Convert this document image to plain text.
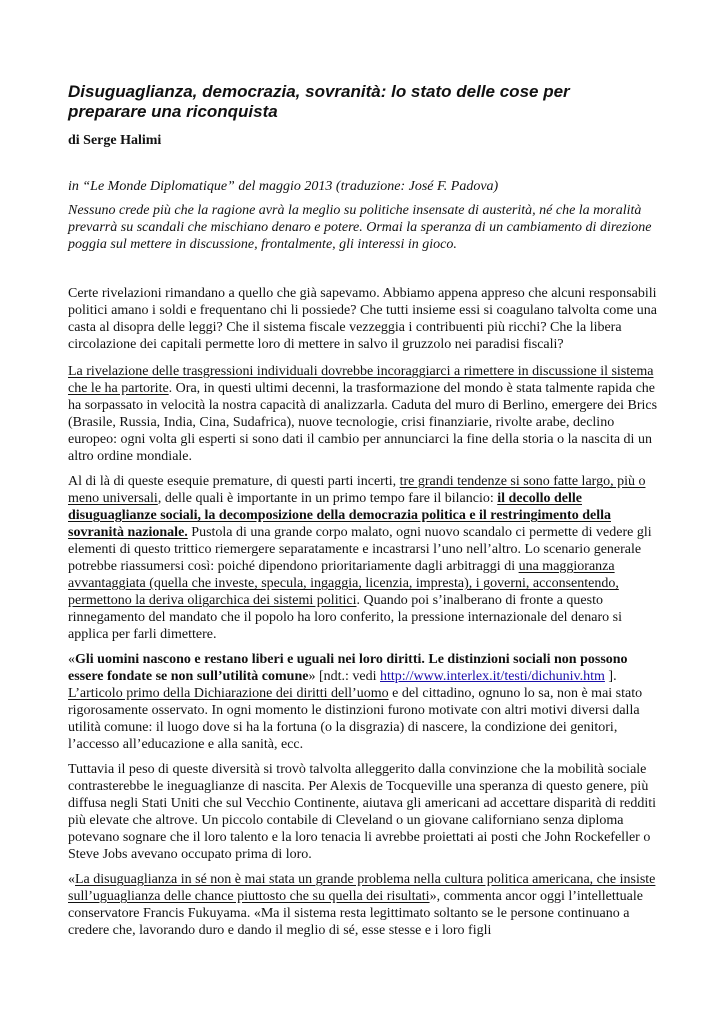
Disuguaglianza, democrazia, sovranità: lo stato delle cose per preparare una riconquista

di Serge Halimi

in “Le Monde Diplomatique” del maggio 2013 (traduzione: José F. Padova)

Nessuno crede più che la ragione avrà la meglio su politiche insensate di austerità, né che la moralità prevarrà su scandali che mischiano denaro e potere. Ormai la speranza di un cambiamento di direzione poggia sul mettere in discussione, frontalmente, gli interessi in gioco.

Certe rivelazioni rimandano a quello che già sapevamo. Abbiamo appena appreso che alcuni responsabili politici amano i soldi e frequentano chi li possiede? Che tutti insieme essi si coagulano talvolta come una casta al disopra delle leggi? Che il sistema fiscale vezzeggia i contribuenti più ricchi? Che la libera circolazione dei capitali permette loro di mettere in salvo il gruzzolo nei paradisi fiscali?

La rivelazione delle trasgressioni individuali dovrebbe incoraggiarci a rimettere in discussione il sistema che le ha partorite. Ora, in questi ultimi decenni, la trasformazione del mondo è stata talmente rapida che ha sorpassato in velocità la nostra capacità di analizzarla. Caduta del muro di Berlino, emergere dei Brics (Brasile, Russia, India, Cina, Sudafrica), nuove tecnologie, crisi finanziarie, rivolte arabe, declino europeo: ogni volta gli esperti si sono dati il cambio per annunciarci la fine della storia o la nascita di un altro ordine mondiale.

Al di là di queste esequie premature, di questi parti incerti, tre grandi tendenze si sono fatte largo, più o meno universali, delle quali è importante in un primo tempo fare il bilancio: il decollo delle disuguaglianze sociali, la decomposizione della democrazia politica e il restringimento della sovranità nazionale. Pustola di una grande corpo malato, ogni nuovo scandalo ci permette di vedere gli elementi di questo trittico riemergere separatamente e incastrarsi l’uno nell’altro. Lo scenario generale potrebbe riassumersi così: poiché dipendono prioritariamente dagli arbitraggi di una maggioranza avvantaggiata (quella che investe, specula, ingaggia, licenzia, impresta), i governi, acconsentendo, permettono la deriva oligarchica dei sistemi politici. Quando poi s’inalberano di fronte a questo rinnegamento del mandato che il popolo ha loro conferito, la pressione internazionale del denaro si applica per farli dimettere.

«Gli uomini nascono e restano liberi e uguali nei loro diritti. Le distinzioni sociali non possono essere fondate se non sull’utilità comune» [ndt.: vedi http://www.interlex.it/testi/dichuniv.htm ]. L’articolo primo della Dichiarazione dei diritti dell’uomo e del cittadino, ognuno lo sa, non è mai stato rigorosamente osservato. In ogni momento le distinzioni furono motivate con altri motivi diversi dalla utilità comune: il luogo dove si ha la fortuna (o la disgrazia) di nascere, la condizione dei genitori, l’accesso all’educazione e alla sanità, ecc.

Tuttavia il peso di queste diversità si trovò talvolta alleggerito dalla convinzione che la mobilità sociale contrasterebbe le ineguaglianze di nascita. Per Alexis de Tocqueville una speranza di questo genere, più diffusa negli Stati Uniti che sul Vecchio Continente, aiutava gli americani ad accettare disparità di redditi più elevate che altrove. Un piccolo contabile di Cleveland o un giovane californiano senza diploma potevano sognare che il loro talento e la loro tenacia li avrebbe proiettati ai posti che John Rockefeller o Steve Jobs avevano occupato prima di loro.

«La disuguaglianza in sé non è mai stata un grande problema nella cultura politica americana, che insiste sull’uguaglianza delle chance piuttosto che su quella dei risultati», commenta ancor oggi l’intellettuale conservatore Francis Fukuyama. «Ma il sistema resta legittimato soltanto se le persone continuano a credere che, lavorando duro e dando il meglio di sé, esse stesse e i loro figli
